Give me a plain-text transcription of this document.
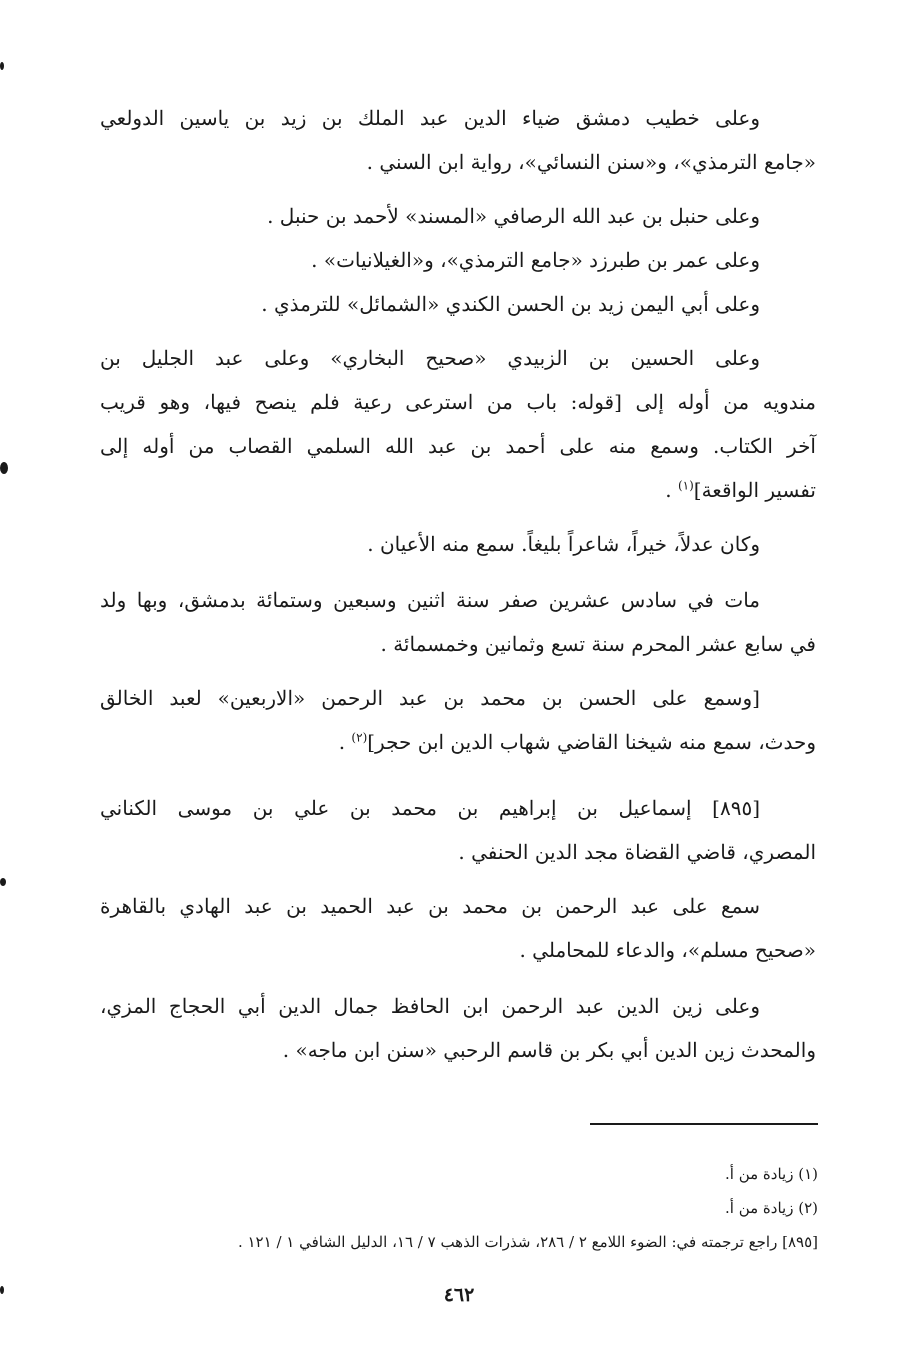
وعلى خطيب دمشق ضياء الدين عبد الملك بن زيد بن ياسين الدولعي
«جامع الترمذي»، و«سنن النسائي»، رواية ابن السني .
وعلى حنبل بن عبد الله الرصافي «المسند» لأحمد بن حنبل .
وعلى عمر بن طبرزد «جامع الترمذي»، و«الغيلانيات» .
وعلى أبي اليمن زيد بن الحسن الكندي «الشمائل» للترمذي .
وعلى الحسين بن الزبيدي «صحيح البخاري» وعلى عبد الجليل بن
مندويه من أوله إلى [قوله: باب من استرعى رعية فلم ينصح فيها، وهو قريب
آخر الكتاب. وسمع منه على أحمد بن عبد الله السلمي القصاب من أوله إلى
تفسير الواقعة]$^{(١)}$ .
وكان عدلاً، خيراً، شاعراً بليغاً. سمع منه الأعيان .
مات في سادس عشرين صفر سنة اثنين وسبعين وستمائة بدمشق، وبها ولد
في سابع عشر المحرم سنة تسع وثمانين وخمسمائة .
[وسمع على الحسن بن محمد بن عبد الرحمن «الاربعين» لعبد الخالق
وحدث، سمع منه شيخنا القاضي شهاب الدين ابن حجر]$^{(٢)}$ .
[٨٩٥] إسماعيل بن إبراهيم بن محمد بن علي بن موسى الكناني
المصري، قاضي القضاة مجد الدين الحنفي .
سمع على عبد الرحمن بن محمد بن عبد الحميد بن عبد الهادي بالقاهرة
«صحيح مسلم»، والدعاء للمحاملي .
وعلى زين الدين عبد الرحمن ابن الحافظ جمال الدين أبي الحجاج المزي،
والمحدث زين الدين أبي بكر بن قاسم الرحبي «سنن ابن ماجه» .
(١) زيادة من أ.
(٢) زيادة من أ.
[٨٩٥] راجع ترجمته في: الضوء اللامع ٢ / ٢٨٦، شذرات الذهب ٧ / ١٦، الدليل الشافي ١ / ١٢١ .
٤٦٢
